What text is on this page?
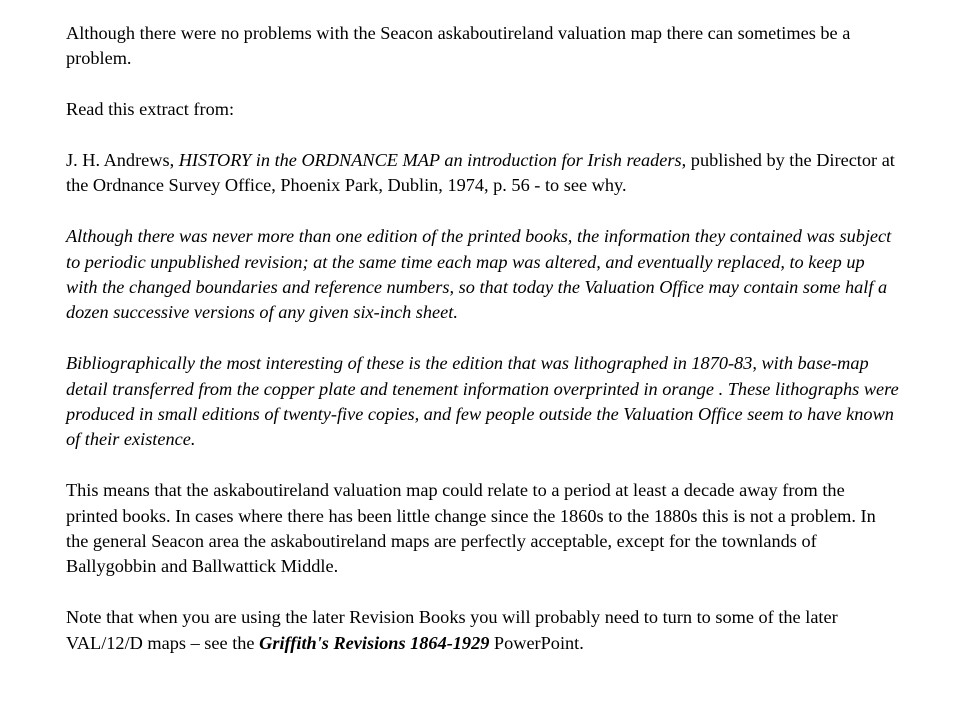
Although there were no problems with the Seacon askaboutireland valuation map there can sometimes be a problem.

Read this extract from:

J. H. Andrews, HISTORY in the ORDNANCE MAP an introduction for Irish readers, published by the Director at the Ordnance Survey Office, Phoenix Park, Dublin, 1974, p. 56 - to see why.

Although there was never more than one edition of the printed books, the information they contained was subject to periodic unpublished revision; at the same time each map was altered, and eventually replaced, to keep up with the changed boundaries and reference numbers, so that today the Valuation Office may contain some half a dozen successive versions of any given six-inch sheet.

Bibliographically the most interesting of these is the edition that was lithographed in 1870-83, with base-map detail transferred from the copper plate and tenement information overprinted in orange . These lithographs were produced in small editions of twenty-five copies, and few people outside the Valuation Office seem to have known of their existence.

This means that the askaboutireland valuation map could relate to a period at least a decade away from the printed books. In cases where there has been little change since the 1860s to the 1880s this is not a problem. In the general Seacon area the askaboutireland maps are perfectly acceptable, except for the townlands of Ballygobbin and Ballwattick Middle.

Note that when you are using the later Revision Books you will probably need to turn to some of the later VAL/12/D maps – see the Griffith's Revisions 1864-1929 PowerPoint.
